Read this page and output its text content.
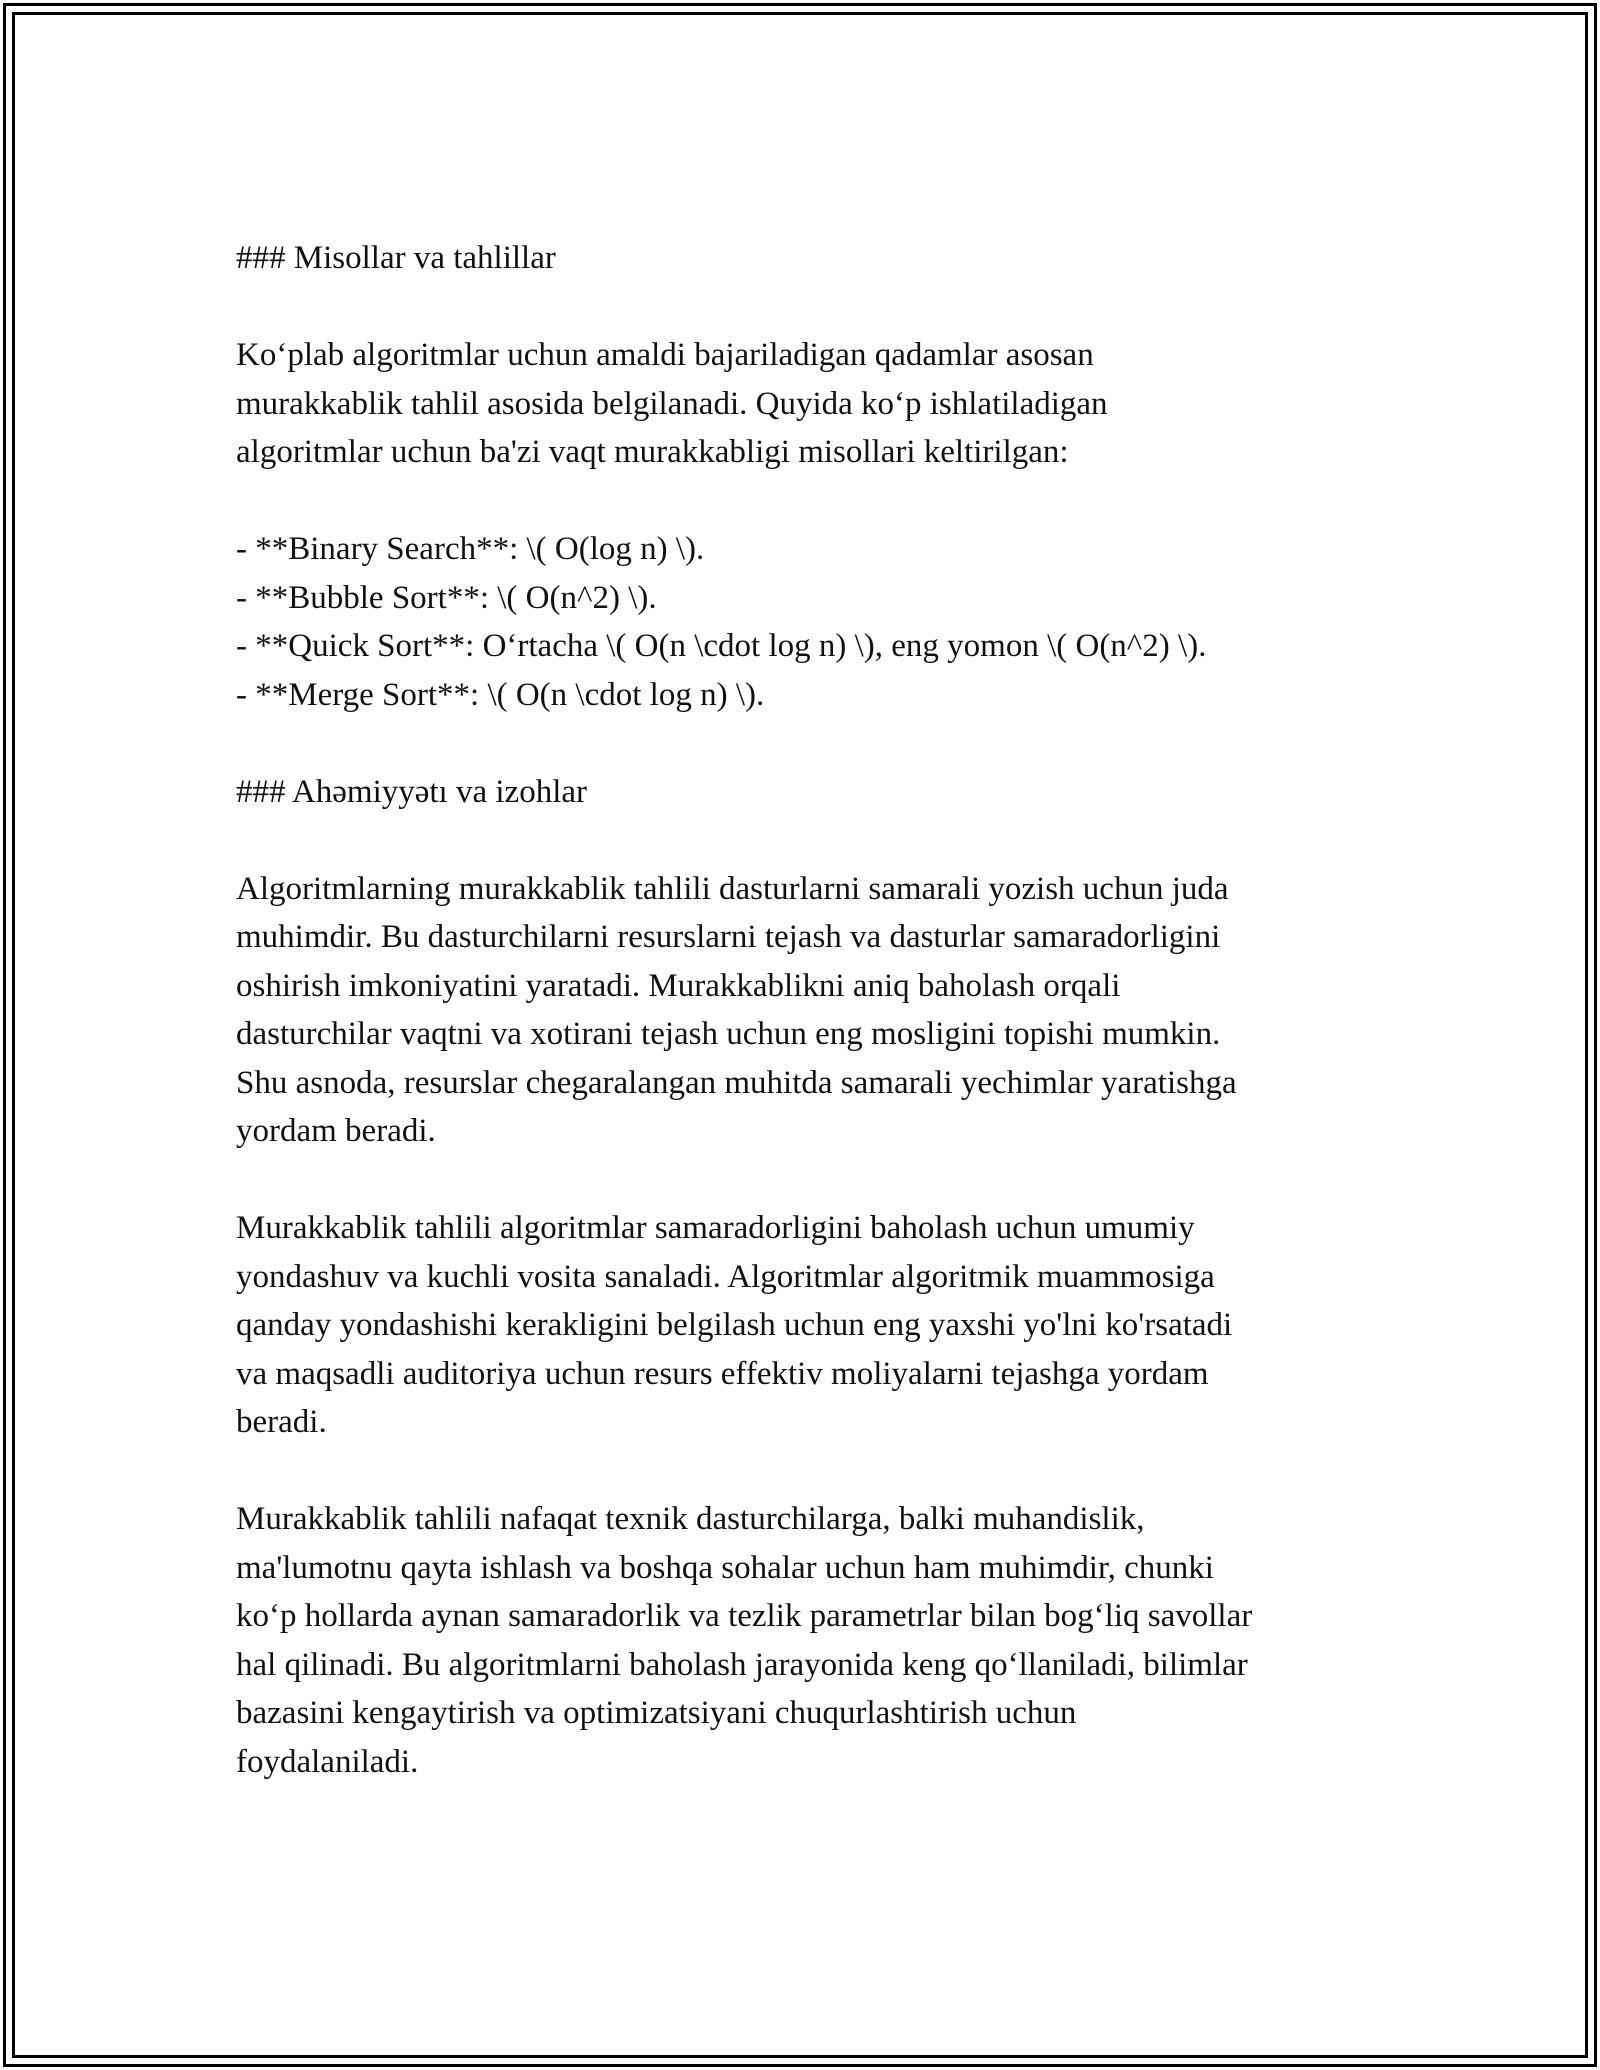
### Misollar va tahlillar

Ko‘plab algoritmlar uchun amaldi bajariladigan qadamlar asosan
murakkablik tahlil asosida belgilanadi. Quyida ko‘p ishlatiladigan
algoritmlar uchun ba'zi vaqt murakkabligi misollari keltirilgan:

- **Binary Search**: \( O(log n) \).
- **Bubble Sort**: \( O(n^2) \).
- **Quick Sort**: O‘rtacha \( O(n \cdot log n) \), eng yomon \( O(n^2) \).
- **Merge Sort**: \( O(n \cdot log n) \).

### Ahəmiyyətı va izohlar

Algoritmlarning murakkablik tahlili dasturlarni samarali yozish uchun juda
muhimdir. Bu dasturchilarni resurslarni tejash va dasturlar samaradorligini
oshirish imkoniyatini yaratadi. Murakkablikni aniq baholash orqali
dasturchilar vaqtni va xotirani tejash uchun eng mosligini topishi mumkin.
Shu asnoda, resurslar chegaralangan muhitda samarali yechimlar yaratishga
yordam beradi.

Murakkablik tahlili algoritmlar samaradorligini baholash uchun umumiy
yondashuv va kuchli vosita sanaladi. Algoritmlar algoritmik muammosiga
qanday yondashishi kerakligini belgilash uchun eng yaxshi yo'lni ko'rsatadi
va maqsadli auditoriya uchun resurs effektiv moliyalarni tejashga yordam
beradi.

Murakkablik tahlili nafaqat texnik dasturchilarga, balki muhandislik,
ma'lumotnu qayta ishlash va boshqa sohalar uchun ham muhimdir, chunki
ko‘p hollarda aynan samaradorlik va tezlik parametrlar bilan bog‘liq savollar
hal qilinadi. Bu algoritmlarni baholash jarayonida keng qo‘llaniladi, bilimlar
bazasini kengaytirish va optimizatsiyani chuqurlashtirish uchun
foydalaniladi.
